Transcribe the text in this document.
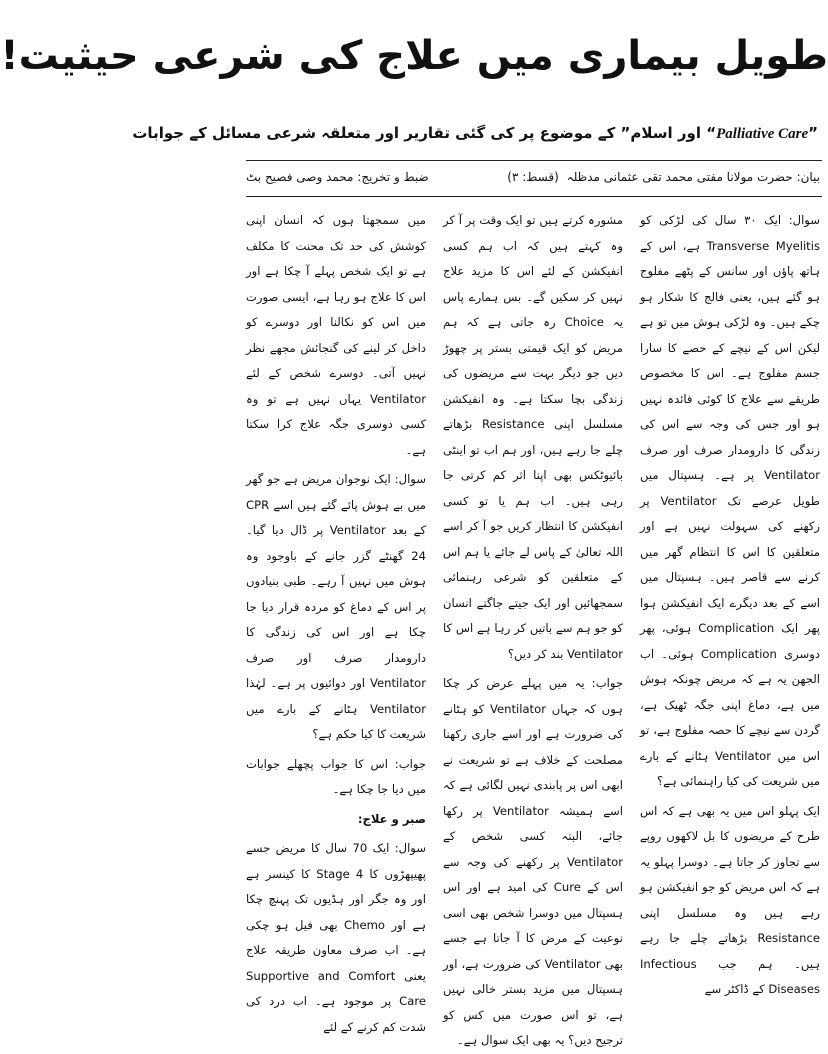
طویل بیماری میں علاج کی شرعی حیثیت!
”Palliative Care“ اور اسلام” کے موضوع پر کی گئی تقاریر اور متعلقہ شرعی مسائل کے جوابات
بیان: حضرت مولانا مفتی محمد تقی عثمانی مدظلہ
(قسط: ۳)
ضبط و تخریج: محمد وصی فصیح بٹ

سوال: ایک ۳۰ سال کی لڑکی کو Transverse Myelitis ہے، اس کے ہاتھ پاؤں اور سانس کے پٹھے مفلوج ہو گئے ہیں، یعنی فالج کا شکار ہو چکے ہیں۔ وہ لڑکی ہوش میں تو ہے لیکن اس کے نیچے کے حصے کا سارا جسم مفلوج ہے۔ اس کا مخصوص طریقے سے علاج کا کوئی فائدہ نہیں ہو اور جس کی وجہ سے اس کی زندگی کا دارومدار صرف اور صرف Ventilator پر ہے۔ ہسپتال میں طویل عرصے تک Ventilator پر رکھنے کی سہولت نہیں ہے اور متعلقین کا اس کا انتظام گھر میں کرنے سے قاصر ہیں۔ ہسپتال میں اسے کے بعد دیگرے ایک انفیکشن ہوا پھر ایک Complication ہوئی، پھر دوسری Complication ہوئی۔ اب الجھن یہ ہے کہ مریض چونکہ ہوش میں ہے، دماغ اپنی جگہ ٹھیک ہے، گردن سے نیچے کا حصہ مفلوج ہے، تو اس میں Ventilator ہٹانے کے بارے میں شریعت کی کیا راہنمائی ہے؟

ایک پہلو اس میں یہ بھی ہے کہ اس طرح کے مریضوں کا بل لاکھوں روپے سے تجاوز کر جاتا ہے۔ دوسرا پہلو یہ ہے کہ اس مریض کو جو انفیکشن ہو رہے ہیں وہ مسلسل اپنی Resistance بڑھاتے چلے جا رہے ہیں۔ ہم جب Infectious Diseases کے ڈاکٹر سے

مشورہ کرتے ہیں تو ایک وقت پر آ کر وہ کہتے ہیں کہ اب ہم کسی انفیکشن کے لئے اس کا مزید علاج نہیں کر سکیں گے۔ بس ہمارے پاس یہ Choice رہ جاتی ہے کہ ہم مریض کو ایک قیمتی بستر پر چھوڑ دیں جو دیگر بہت سے مریضوں کی زندگی بچا سکتا ہے۔ وہ انفیکشن مسلسل اپنی Resistance بڑھاتے چلے جا رہے ہیں، اور ہم اب تو اینٹی بائیوٹکس بھی اپنا اثر کم کرتی جا رہی ہیں۔ اب ہم یا تو کسی انفیکشن کا انتظار کریں جو آ کر اسے اللہ تعالیٰ کے پاس لے جائے یا ہم اس کے متعلقین کو شرعی رہنمائی سمجھائیں اور ایک جیتے جاگتے انسان کو جو ہم سے باتیں کر رہا ہے اس کا Ventilator بند کر دیں؟

جواب: یہ میں پہلے عرض کر چکا ہوں کہ جہاں Ventilator کو ہٹانے کی ضرورت ہے اور اسے جاری رکھنا مصلحت کے خلاف ہے تو شریعت نے ابھی اس پر پابندی نہیں لگائی ہے کہ اسے ہمیشہ Ventilator پر رکھا جائے، البتہ کسی شخص کے Ventilator پر رکھنے کی وجہ سے اس کے Cure کی امید ہے اور اس ہسپتال میں دوسرا شخص بھی اسی نوعیت کے مرض کا آ جاتا ہے جسے بھی Ventilator کی ضرورت ہے، اور ہسپتال میں مزید بستر خالی نہیں ہے، تو اس صورت میں کس کو ترجیح دیں؟ یہ بھی ایک سوال ہے۔

میں سمجھتا ہوں کہ انسان اپنی کوشش کی حد تک محنت کا مکلف ہے تو ایک شخص پہلے آ چکا ہے اور اس کا علاج ہو رہا ہے، ایسی صورت میں اس کو نکالنا اور دوسرے کو داخل کر لینے کی گنجائش مجھے نظر نہیں آتی۔ دوسرے شخص کے لئے Ventilator یہاں نہیں ہے تو وہ کسی دوسری جگہ علاج کرا سکتا ہے۔

سوال: ایک نوجوان مریض ہے جو گھر میں بے ہوش پائے گئے ہیں اسے CPR کے بعد Ventilator پر ڈال دیا گیا۔ 24 گھنٹے گزر جانے کے باوجود وہ ہوش میں نہیں آ رہے۔ طبی بنیادوں پر اس کے دماغ کو مردہ قرار دیا جا چکا ہے اور اس کی زندگی کا دارومدار صرف اور صرف Ventilator اور دوائیوں پر ہے۔ لہٰذا Ventilator ہٹانے کے بارے میں شریعت کا کیا حکم ہے؟

جواب: اس کا جواب پچھلے جوابات میں دیا جا چکا ہے۔

صبر و علاج:

سوال: ایک 70 سال کا مریض جسے پھیپھڑوں کا Stage 4 کا کینسر ہے اور وہ جگر اور ہڈیوں تک پہنچ چکا ہے اور Chemo بھی فیل ہو چکی ہے۔ اب صرف معاون طریقہ علاج یعنی Supportive and Comfort Care پر موجود ہے۔ اب درد کی شدت کم کرنے کے لئے
